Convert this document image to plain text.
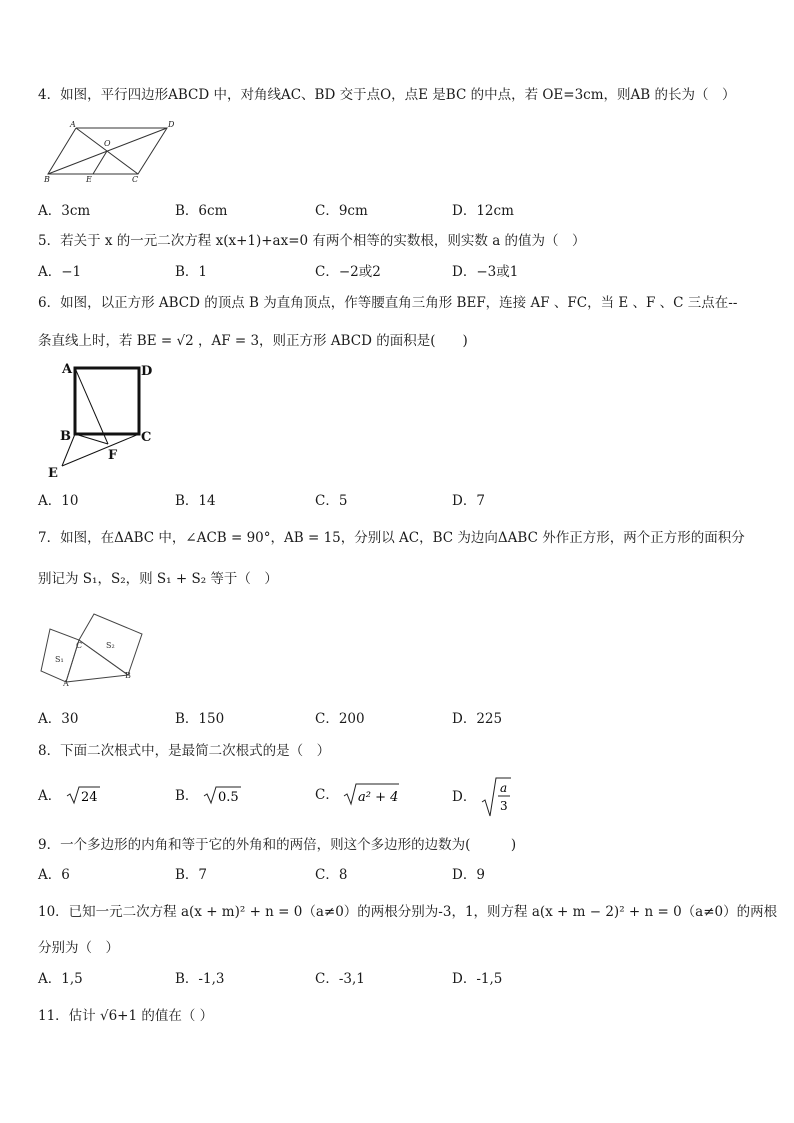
4．如图，平行四边形ABCD 中，对角线AC、BD 交于点O，点E 是BC 的中点，若 OE=3cm，则AB 的长为（　）
A	D
O
B	E	C
A．3cm	B．6cm	C．9cm	D．12cm
5．若关于 x 的一元二次方程 x(x+1)+ax=0 有两个相等的实数根，则实数 a 的值为（　）
A．−1	B．1	C．−2或2	D．−3或1
6．如图，以正方形 ABCD 的顶点 B 为直角顶点，作等腰直角三角形 BEF，连接 AF 、FC，当 E 、F 、C 三点在--
条直线上时，若 BE = √2 ，AF = 3，则正方形 ABCD 的面积是(　　)
A	D
B	C
E
F
A．10	B．14	C．5	D．7
7．如图，在ΔABC 中，∠ACB = 90°，AB = 15，分别以 AC，BC 为边向ΔABC 外作正方形，两个正方形的面积分
别记为 S₁，S₂，则 S₁ + S₂ 等于（　）
S₁
S₂
C
A
B
A．30	B．150	C．200	D．225
8．下面二次根式中，是最简二次根式的是（　）
A． 24	B． 0.5	C． a² + 4	D．
a
3
9．一个多边形的内角和等于它的外角和的两倍，则这个多边形的边数为(　　　)
A．6	B．7	C．8	D．9
10．已知一元二次方程 a(x + m)² + n = 0（a≠0）的两根分别为-3，1，则方程 a(x + m − 2)² + n = 0（a≠0）的两根
分别为（　）
A．1,5	B．-1,3	C．-3,1	D．-1,5
11．估计 √6+1 的值在（ ）
